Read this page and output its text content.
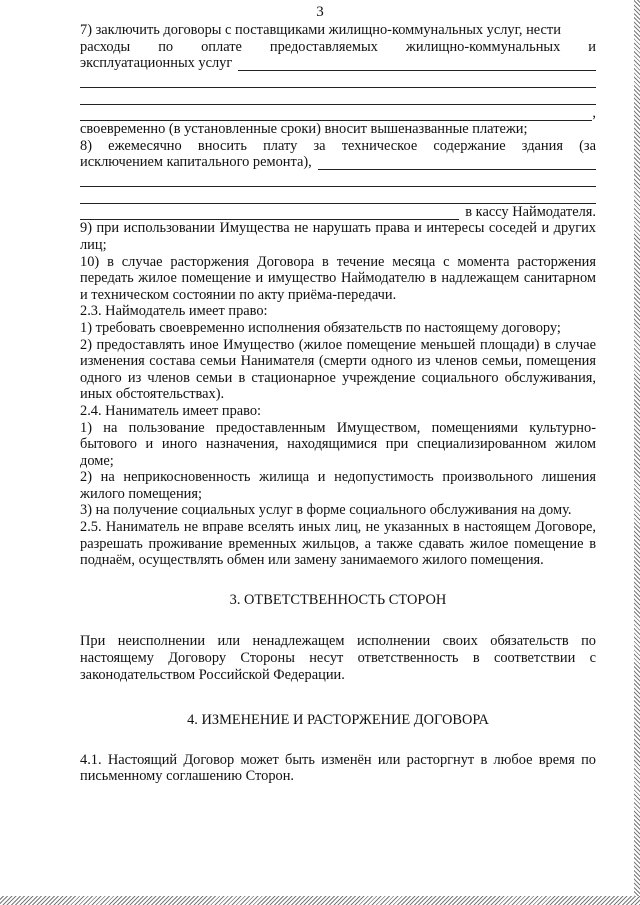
3

7) заключить договоры с поставщиками жилищно-коммунальных услуг, нести

расходы по оплате предоставляемых жилищно-коммунальных и

эксплуатационных услуг
,

своевременно (в установленные сроки) вносит вышеназванные платежи;

8) ежемесячно вносить плату за техническое содержание здания (за

исключением капитального ремонта),
в кассу Наймодателя.

9) при использовании Имущества не нарушать права и интересы соседей и других лиц;

10) в случае расторжения Договора в течение месяца с момента расторжения передать жилое помещение и имущество Наймодателю в надлежащем санитарном и техническом состоянии по акту приёма-передачи.

2.3. Наймодатель имеет право:

1) требовать своевременно исполнения обязательств по настоящему договору;

2) предоставлять иное Имущество (жилое помещение меньшей площади) в случае изменения состава семьи Нанимателя (смерти одного из членов семьи, помещения одного из членов семьи в стационарное учреждение социального обслуживания, иных обстоятельствах).

2.4. Наниматель имеет право:

1) на пользование предоставленным Имуществом, помещениями культурно-бытового и иного назначения, находящимися при специализированном жилом доме;

2) на неприкосновенность жилища и недопустимость произвольного лишения жилого помещения;

3) на получение социальных услуг в форме социального обслуживания на дому.

2.5. Наниматель не вправе вселять иных лиц, не указанных в настоящем Договоре, разрешать проживание временных жильцов, а также сдавать жилое помещение в поднаём, осуществлять обмен или замену занимаемого жилого помещения.

3. ОТВЕТСТВЕННОСТЬ СТОРОН

При неисполнении или ненадлежащем исполнении своих обязательств по настоящему Договору Стороны несут ответственность в соответствии с законодательством Российской Федерации.

4. ИЗМЕНЕНИЕ И РАСТОРЖЕНИЕ ДОГОВОРА

4.1. Настоящий Договор может быть изменён или расторгнут в любое время по письменному соглашению Сторон.
